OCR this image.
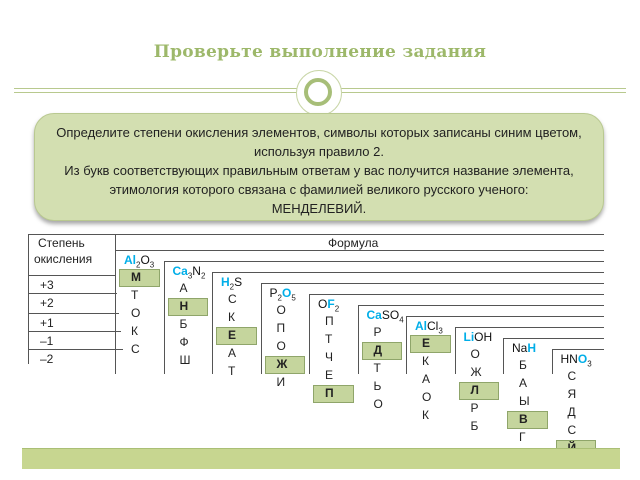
Проверьте выполнение задания
Определите степени окисления элементов, символы которых записаны синим цветом,
используя правило 2.
Из букв соответствующих правильным ответам у вас получится название элемента,
этимология которого связана с фамилией великого русского ученого:
МЕНДЕЛЕВИЙ.
Степень
окисления
Формула
+3
+2
+1
–1
–2
$Al_2O_3$
М
Т
О
К
С
$Ca_3N_2$
А
Н
Б
Ф
Ш
$H_2S$
С
К
Е
А
Т
$P_2O_5$
О
П
О
Ж
И
$OF_2$
П
Т
Ч
Е
П
CaSO$_4$
Р
Д
Т
Ь
О
AlCl$_3$
Е
К
А
О
К
LiOH
О
Ж
Л
Р
Б
NaH
Б
А
Ы
В
Г
$HNO_3$
С
Я
Д
С
